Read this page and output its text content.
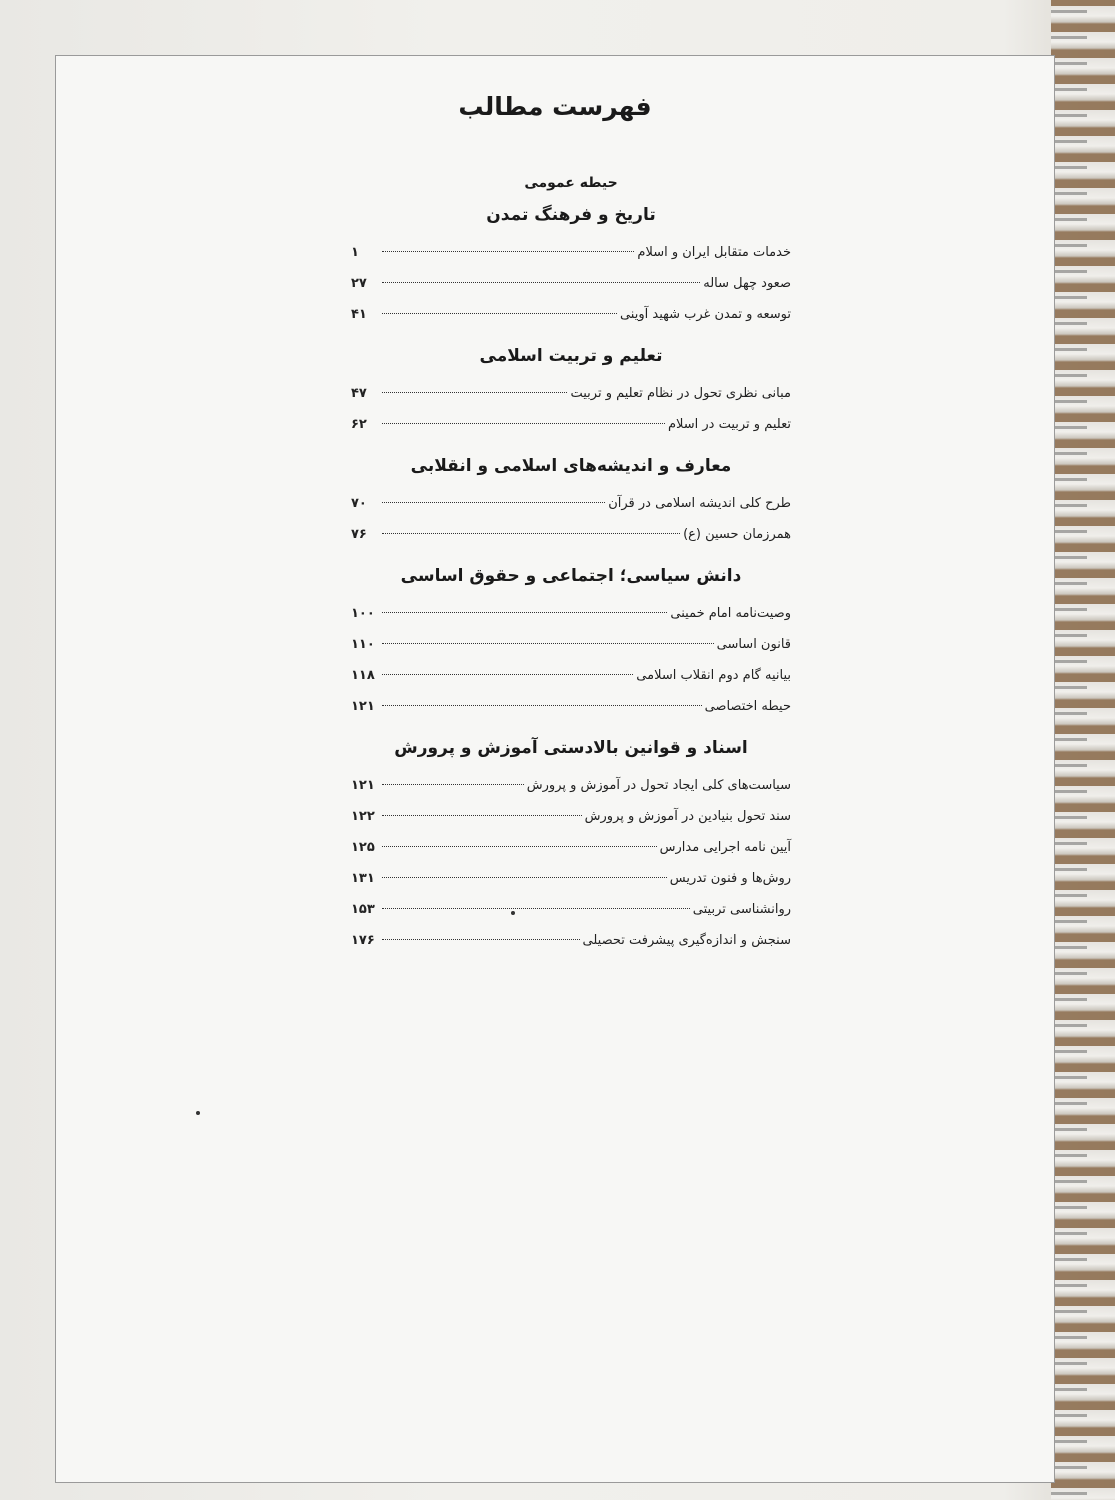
فهرست مطالب
حیطه عمومی
تاریخ و فرهنگ تمدن
خدمات متقابل ایران و اسلام
۱
صعود چهل ساله
۲۷
توسعه و تمدن غرب شهید آوینی
۴۱
تعلیم و تربیت اسلامی
مبانی نظری تحول در نظام تعلیم و تربیت
۴۷
تعلیم و تربیت در اسلام
۶۲
معارف و اندیشه‌های اسلامی و انقلابی
طرح کلی اندیشه اسلامی در قرآن
۷۰
همرزمان حسین (ع)
۷۶
دانش سیاسی؛ اجتماعی و حقوق اساسی
وصیت‌نامه امام خمینی
۱۰۰
قانون اساسی
۱۱۰
بیانیه گام دوم انقلاب اسلامی
۱۱۸
حیطه اختصاصی
۱۲۱
اسناد و قوانین بالادستی آموزش و پرورش
سیاست‌های کلی ایجاد تحول در آموزش و پرورش
۱۲۱
سند تحول بنیادین در آموزش و پرورش
۱۲۲
آیین نامه اجرایی مدارس
۱۲۵
روش‌ها و فنون تدریس
۱۳۱
روانشناسی تربیتی
۱۵۳
سنجش و اندازه‌گیری پیشرفت تحصیلی
۱۷۶
